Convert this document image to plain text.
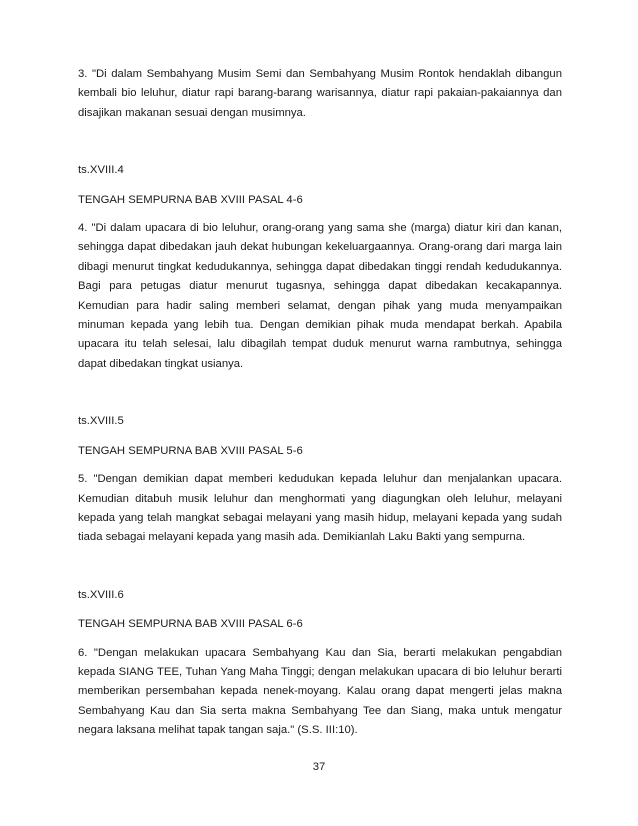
3. "Di dalam Sembahyang Musim Semi dan Sembahyang Musim Rontok hendaklah dibangun kembali bio leluhur, diatur rapi barang-barang warisannya, diatur rapi pakaian-pakaiannya dan disajikan makanan sesuai dengan musimnya.

ts.XVIII.4

TENGAH SEMPURNA BAB XVIII PASAL 4-6

4. "Di dalam upacara di bio leluhur, orang-orang yang sama she (marga) diatur kiri dan kanan, sehingga dapat dibedakan jauh dekat hubungan kekeluargaannya. Orang-orang dari marga lain dibagi menurut tingkat kedudukannya, sehingga dapat dibedakan tinggi rendah kedudukannya. Bagi para petugas diatur menurut tugasnya, sehingga dapat dibedakan kecakapannya. Kemudian para hadir saling memberi selamat, dengan pihak yang muda menyampaikan minuman kepada yang lebih tua. Dengan demikian pihak muda mendapat berkah. Apabila upacara itu telah selesai, lalu dibagilah tempat duduk menurut warna rambutnya, sehingga dapat dibedakan tingkat usianya.

ts.XVIII.5

TENGAH SEMPURNA BAB XVIII PASAL 5-6

5. "Dengan demikian dapat memberi kedudukan kepada leluhur dan menjalankan upacara. Kemudian ditabuh musik leluhur dan menghormati yang diagungkan oleh leluhur, melayani kepada yang telah mangkat sebagai melayani yang masih hidup, melayani kepada yang sudah tiada sebagai melayani kepada yang masih ada. Demikianlah Laku Bakti yang sempurna.

ts.XVIII.6

TENGAH SEMPURNA BAB XVIII PASAL 6-6

6. "Dengan melakukan upacara Sembahyang Kau dan Sia, berarti melakukan pengabdian kepada SIANG TEE, Tuhan Yang Maha Tinggi; dengan melakukan upacara di bio leluhur berarti memberikan persembahan kepada nenek-moyang. Kalau orang dapat mengerti jelas makna Sembahyang Kau dan Sia serta makna Sembahyang Tee dan Siang, maka untuk mengatur negara laksana melihat tapak tangan saja." (S.S. III:10).

37
